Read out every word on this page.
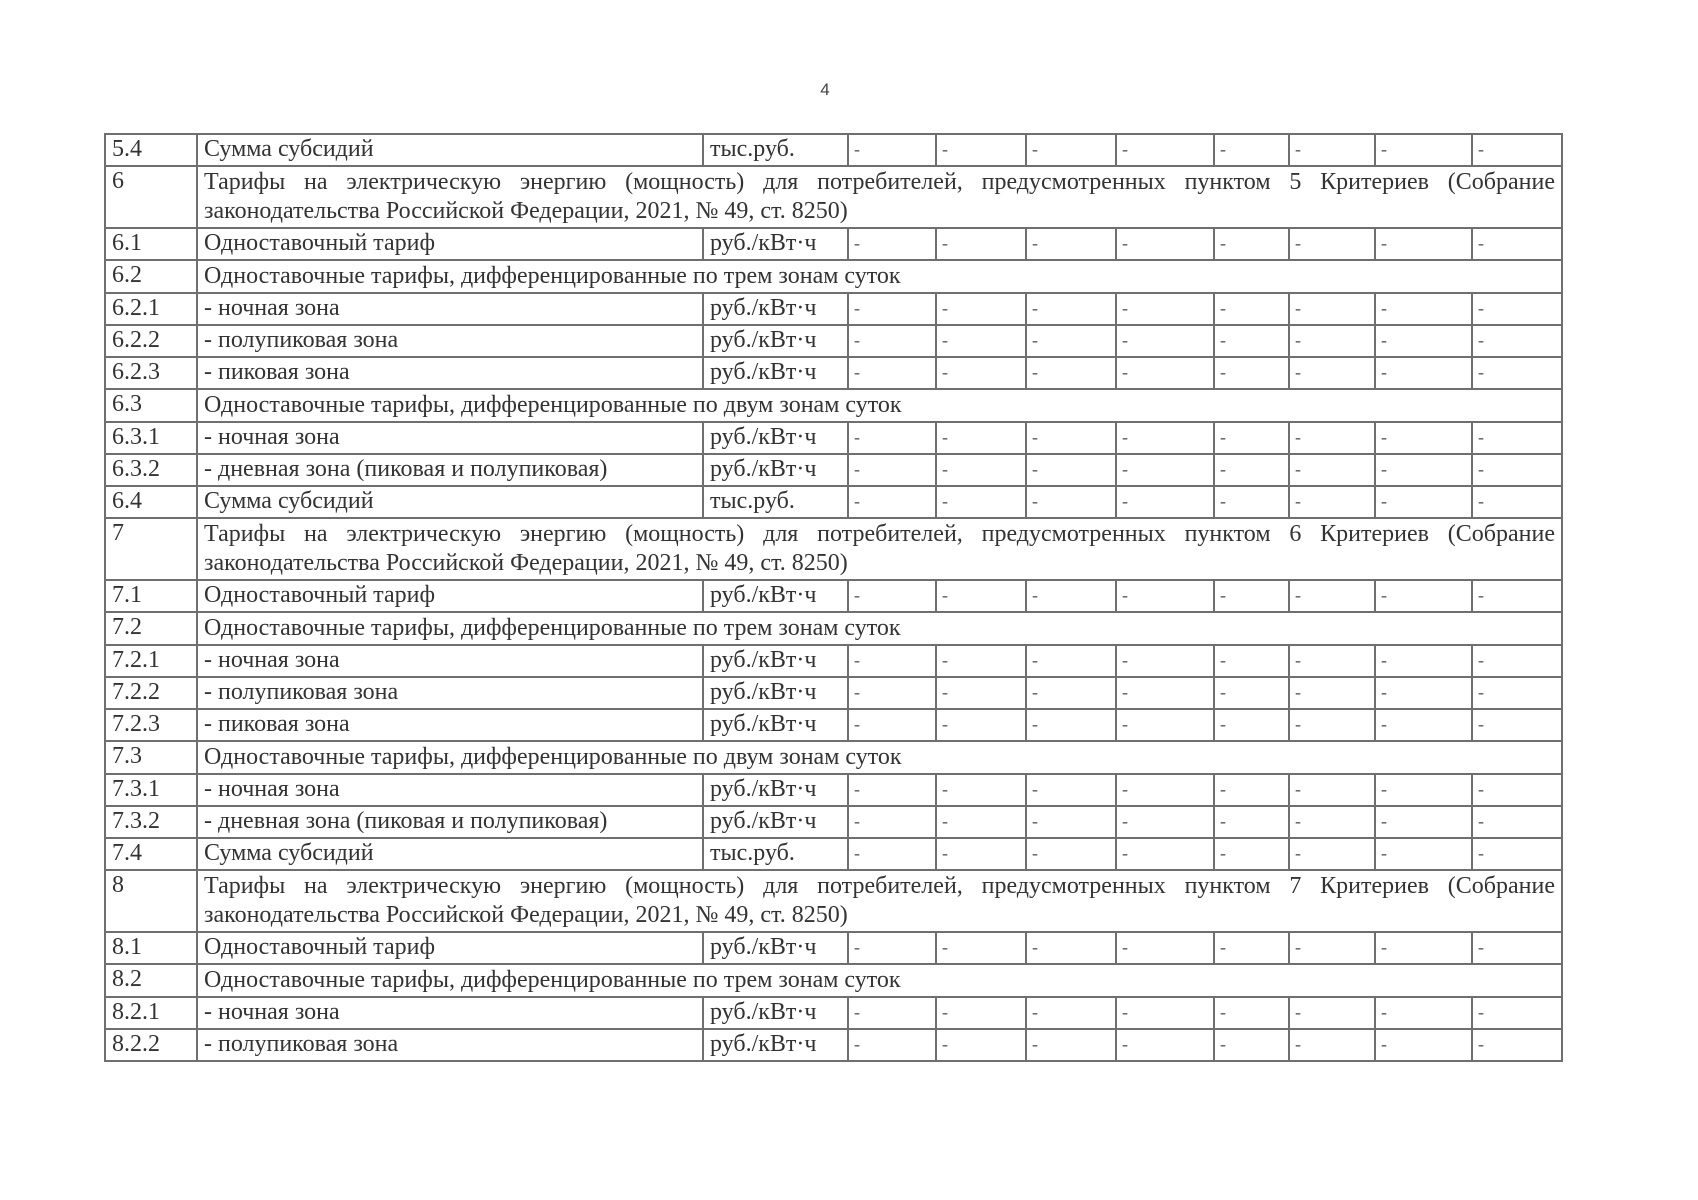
4
5.4	Сумма субсидий	тыс.руб.	-	-	-	-	-	-	-	-
6	Тарифы на электрическую энергию (мощность) для потребителей, предусмотренных пунктом 5 Критериев (Собрание законодательства Российской Федерации, 2021, № 49, ст. 8250)									
6.1	Одноставочный тариф	руб./кВт·ч	-	-	-	-	-	-	-	-
6.2	Одноставочные тарифы, дифференцированные по трем зонам суток									
6.2.1	- ночная зона	руб./кВт·ч	-	-	-	-	-	-	-	-
6.2.2	- полупиковая зона	руб./кВт·ч	-	-	-	-	-	-	-	-
6.2.3	- пиковая зона	руб./кВт·ч	-	-	-	-	-	-	-	-
6.3	Одноставочные тарифы, дифференцированные по двум зонам суток									
6.3.1	- ночная зона	руб./кВт·ч	-	-	-	-	-	-	-	-
6.3.2	- дневная зона (пиковая и полупиковая)	руб./кВт·ч	-	-	-	-	-	-	-	-
6.4	Сумма субсидий	тыс.руб.	-	-	-	-	-	-	-	-
7	Тарифы на электрическую энергию (мощность) для потребителей, предусмотренных пунктом 6 Критериев (Собрание законодательства Российской Федерации, 2021, № 49, ст. 8250)									
7.1	Одноставочный тариф	руб./кВт·ч	-	-	-	-	-	-	-	-
7.2	Одноставочные тарифы, дифференцированные по трем зонам суток									
7.2.1	- ночная зона	руб./кВт·ч	-	-	-	-	-	-	-	-
7.2.2	- полупиковая зона	руб./кВт·ч	-	-	-	-	-	-	-	-
7.2.3	- пиковая зона	руб./кВт·ч	-	-	-	-	-	-	-	-
7.3	Одноставочные тарифы, дифференцированные по двум зонам суток									
7.3.1	- ночная зона	руб./кВт·ч	-	-	-	-	-	-	-	-
7.3.2	- дневная зона (пиковая и полупиковая)	руб./кВт·ч	-	-	-	-	-	-	-	-
7.4	Сумма субсидий	тыс.руб.	-	-	-	-	-	-	-	-
8	Тарифы на электрическую энергию (мощность) для потребителей, предусмотренных пунктом 7 Критериев (Собрание законодательства Российской Федерации, 2021, № 49, ст. 8250)									
8.1	Одноставочный тариф	руб./кВт·ч	-	-	-	-	-	-	-	-
8.2	Одноставочные тарифы, дифференцированные по трем зонам суток									
8.2.1	- ночная зона	руб./кВт·ч	-	-	-	-	-	-	-	-
8.2.2	- полупиковая зона	руб./кВт·ч	-	-	-	-	-	-	-	-
